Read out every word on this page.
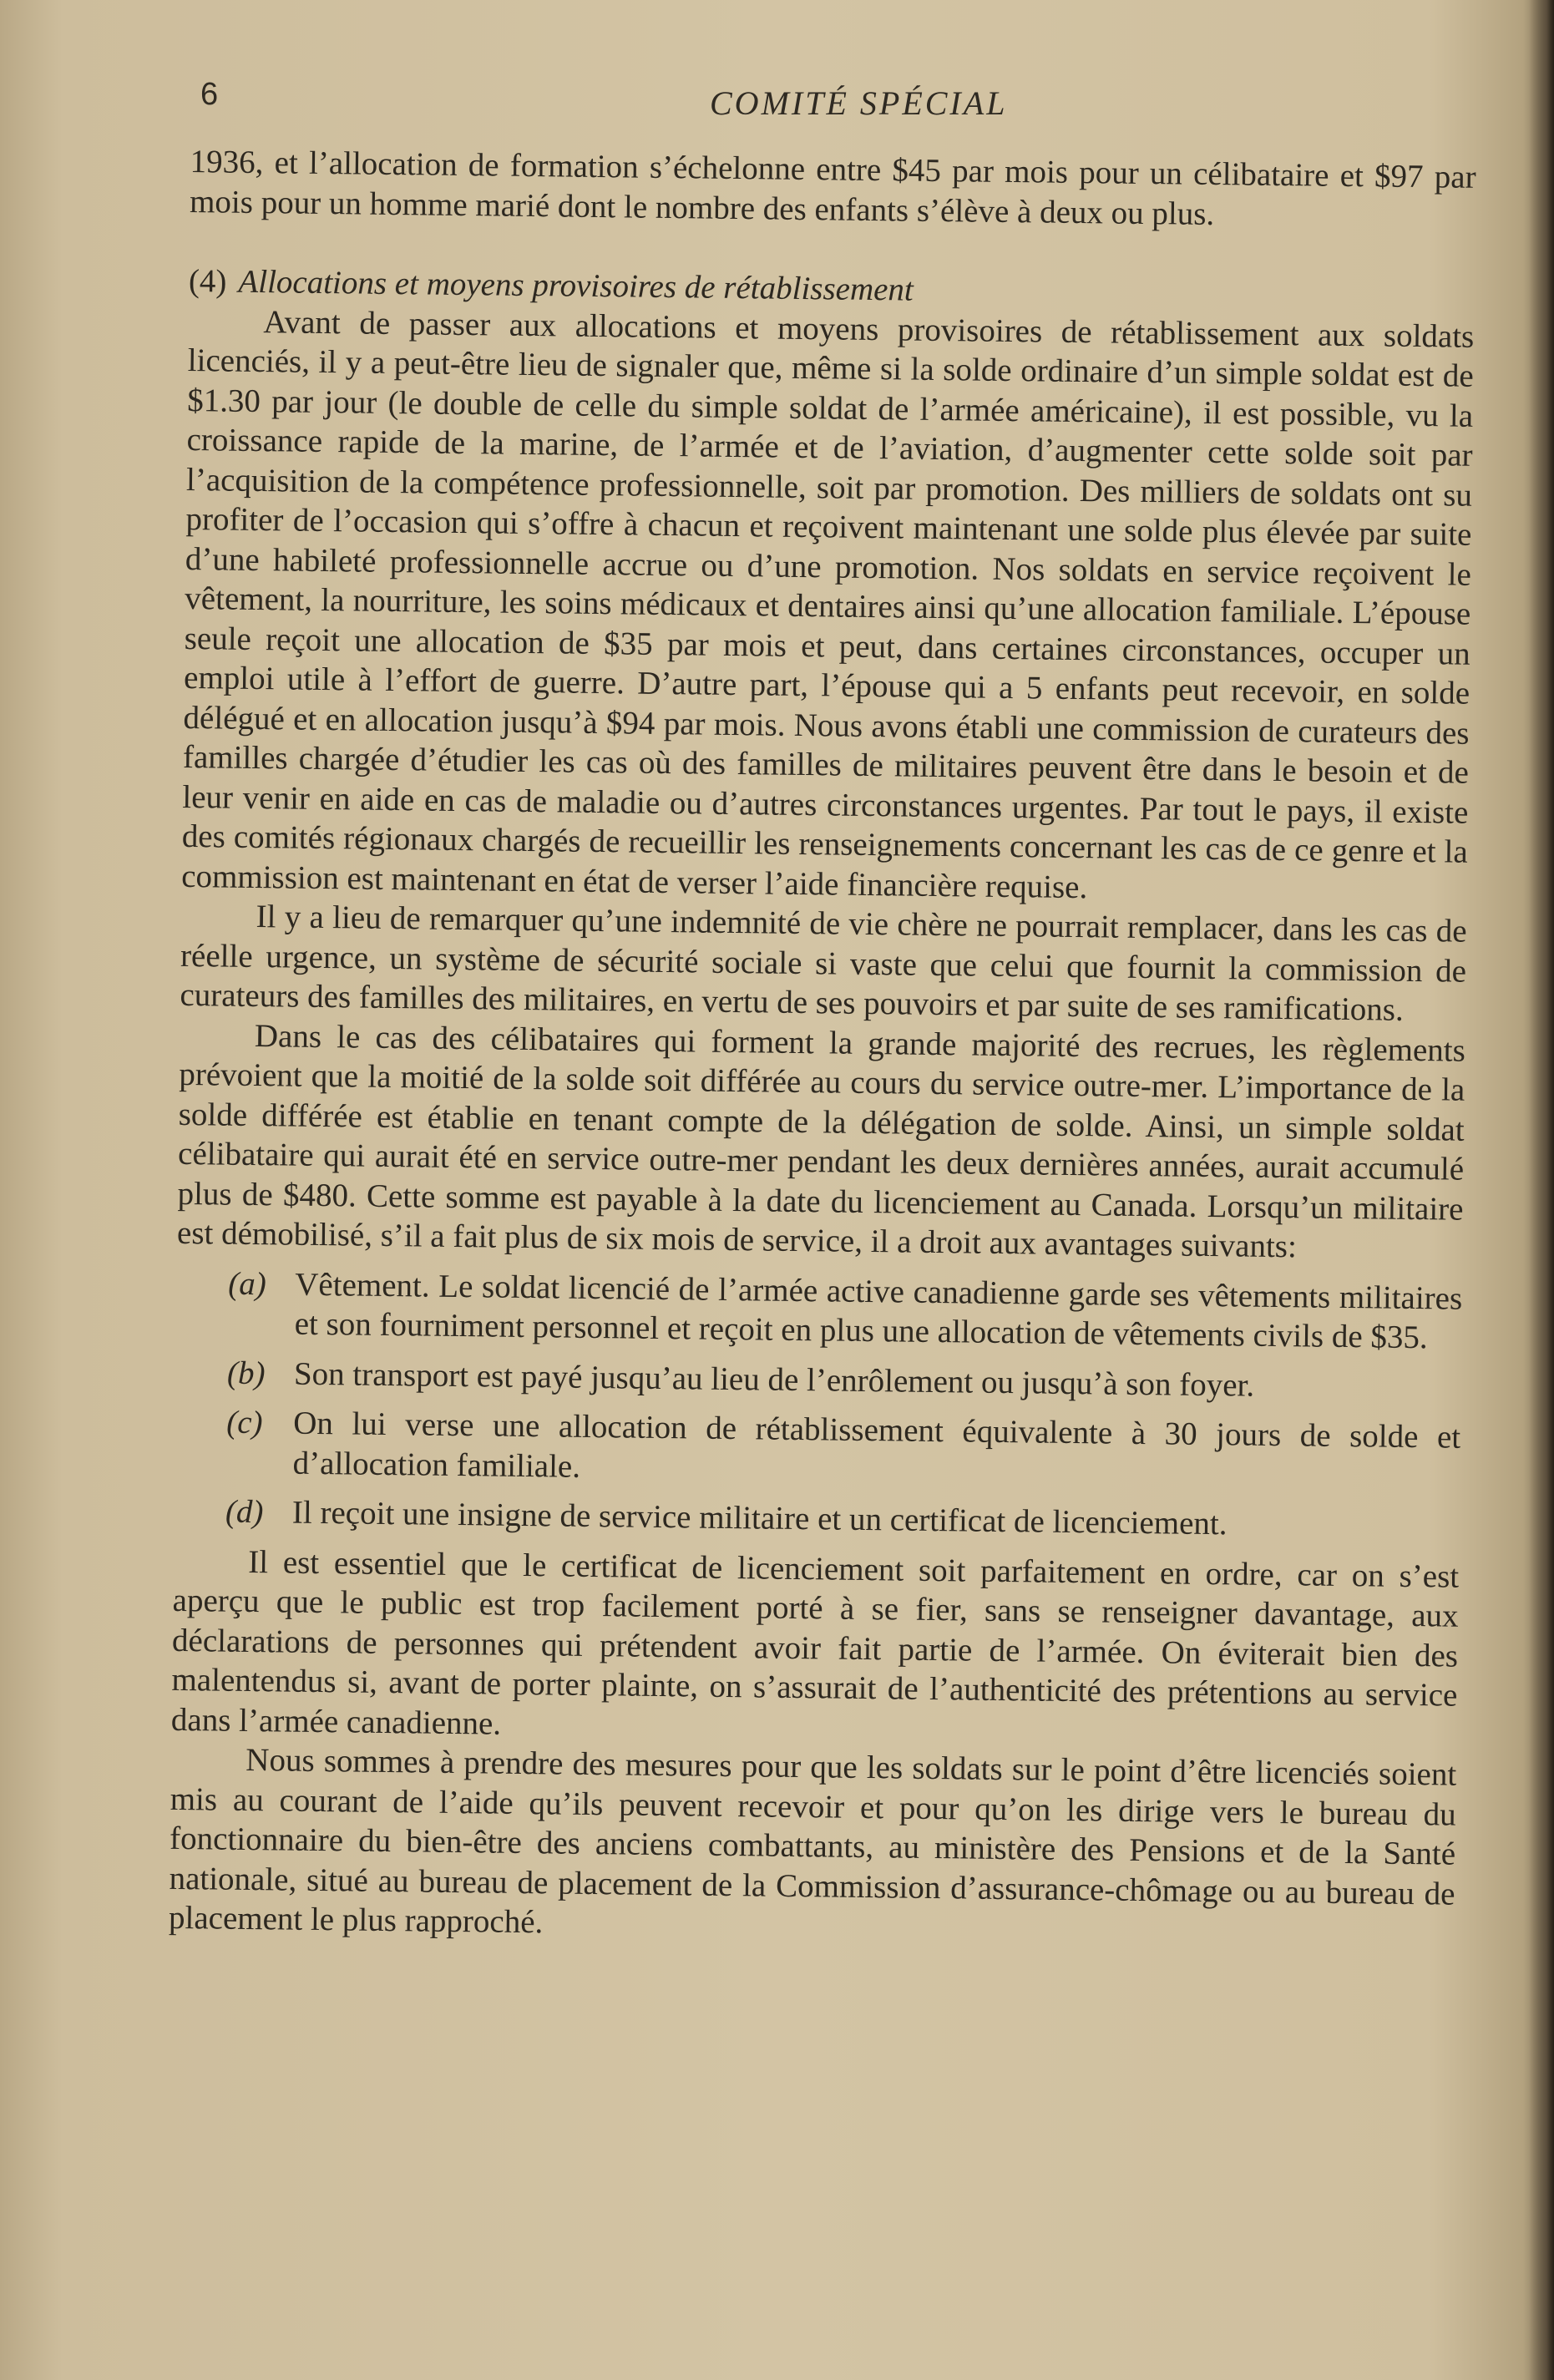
6	COMITÉ SPÉCIAL

1936, et l’allocation de formation s’échelonne entre $45 par mois pour un célibataire et $97 par mois pour un homme marié dont le nombre des enfants s’élève à deux ou plus.

(4) Allocations et moyens provisoires de rétablissement

Avant de passer aux allocations et moyens provisoires de rétablissement aux soldats licenciés, il y a peut-être lieu de signaler que, même si la solde ordinaire d’un simple soldat est de $1.30 par jour (le double de celle du simple soldat de l’armée américaine), il est possible, vu la croissance rapide de la marine, de l’armée et de l’aviation, d’augmenter cette solde soit par l’acquisition de la compétence professionnelle, soit par promotion. Des milliers de soldats ont su profiter de l’occasion qui s’offre à chacun et reçoivent maintenant une solde plus élevée par suite d’une habileté professionnelle accrue ou d’une promotion. Nos soldats en service reçoivent le vêtement, la nourriture, les soins médicaux et dentaires ainsi qu’une allocation familiale. L’épouse seule reçoit une allocation de $35 par mois et peut, dans certaines circonstances, occuper un emploi utile à l’effort de guerre. D’autre part, l’épouse qui a 5 enfants peut recevoir, en solde délégué et en allocation jusqu’à $94 par mois. Nous avons établi une commission de curateurs des familles chargée d’étudier les cas où des familles de militaires peuvent être dans le besoin et de leur venir en aide en cas de maladie ou d’autres circonstances urgentes. Par tout le pays, il existe des comités régionaux chargés de recueillir les renseignements concernant les cas de ce genre et la commission est maintenant en état de verser l’aide financière requise.

Il y a lieu de remarquer qu’une indemnité de vie chère ne pourrait remplacer, dans les cas de réelle urgence, un système de sécurité sociale si vaste que celui que fournit la commission de curateurs des familles des militaires, en vertu de ses pouvoirs et par suite de ses ramifications.

Dans le cas des célibataires qui forment la grande majorité des recrues, les règlements prévoient que la moitié de la solde soit différée au cours du service outre-mer. L’importance de la solde différée est établie en tenant compte de la délégation de solde. Ainsi, un simple soldat célibataire qui aurait été en service outre-mer pendant les deux dernières années, aurait accumulé plus de $480. Cette somme est payable à la date du licenciement au Canada. Lorsqu’un militaire est démobilisé, s’il a fait plus de six mois de service, il a droit aux avantages suivants:

(a) Vêtement. Le soldat licencié de l’armée active canadienne garde ses vêtements militaires et son fourniment personnel et reçoit en plus une allocation de vêtements civils de $35.
(b) Son transport est payé jusqu’au lieu de l’enrôlement ou jusqu’à son foyer.
(c) On lui verse une allocation de rétablissement équivalente à 30 jours de solde et d’allocation familiale.
(d) Il reçoit une insigne de service militaire et un certificat de licenciement.

Il est essentiel que le certificat de licenciement soit parfaitement en ordre, car on s’est aperçu que le public est trop facilement porté à se fier, sans se renseigner davantage, aux déclarations de personnes qui prétendent avoir fait partie de l’armée. On éviterait bien des malentendus si, avant de porter plainte, on s’assurait de l’authenticité des prétentions au service dans l’armée canadienne.

Nous sommes à prendre des mesures pour que les soldats sur le point d’être licenciés soient mis au courant de l’aide qu’ils peuvent recevoir et pour qu’on les dirige vers le bureau du fonctionnaire du bien-être des anciens combattants, au ministère des Pensions et de la Santé nationale, situé au bureau de placement de la Commission d’assurance-chômage ou au bureau de placement le plus rapproché.
